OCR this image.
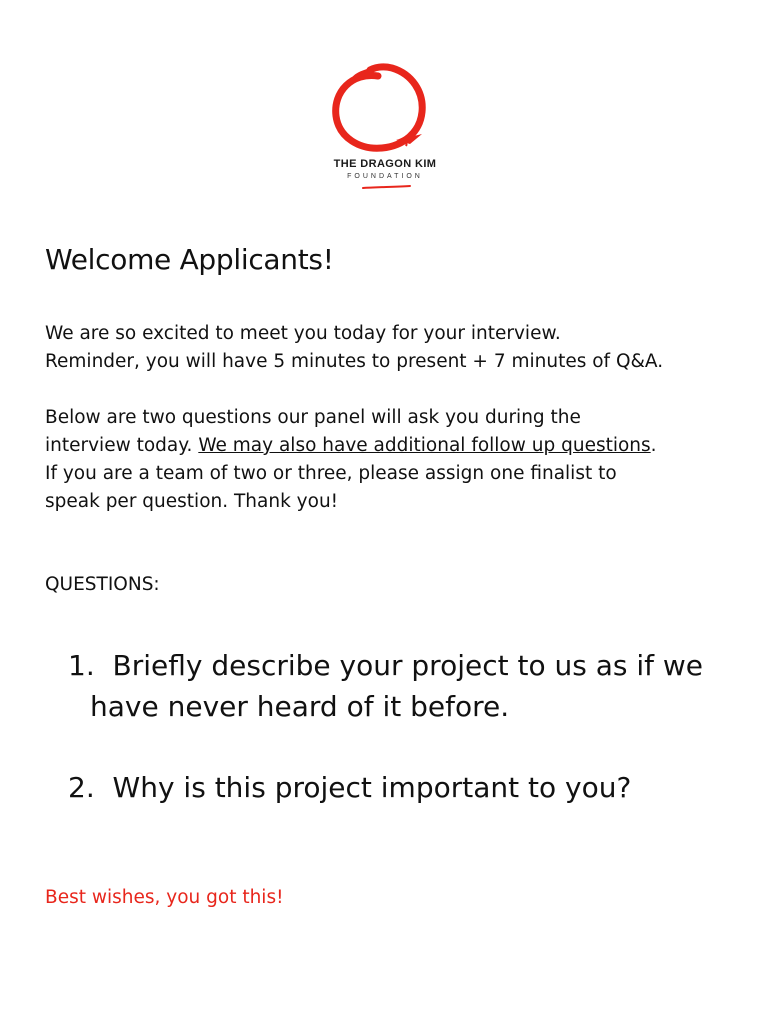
THE DRAGON KIM
FOUNDATION
Welcome Applicants!

We are so excited to meet you today for your interview.
Reminder, you will have 5 minutes to present + 7 minutes of Q&A.

Below are two questions our panel will ask you during the
interview today. We may also have additional follow up questions.
If you are a team of two or three, please assign one finalist to
speak per question. Thank you!

QUESTIONS:

1. Briefly describe your project to us as if we
have never heard of it before.
2. Why is this project important to you?

Best wishes, you got this!
